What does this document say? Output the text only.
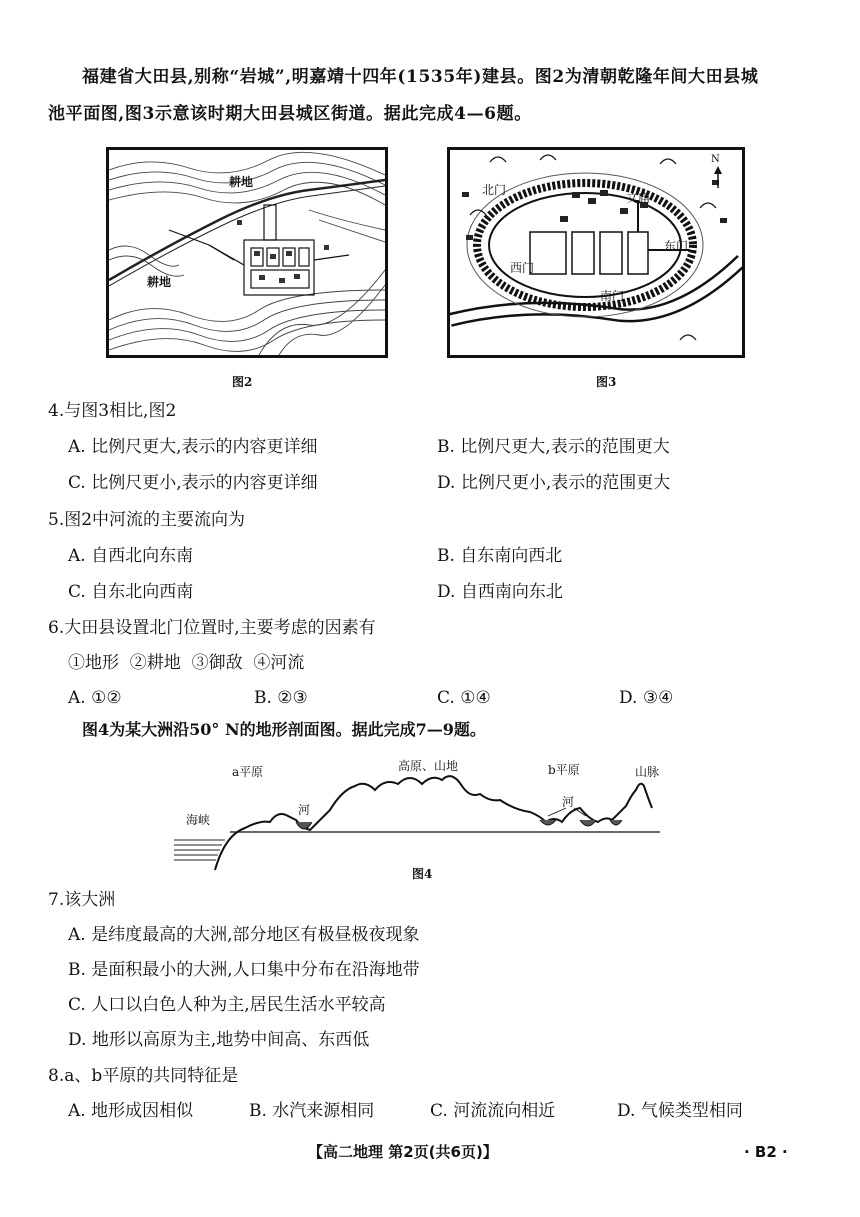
福建省大田县,别称“岩城”,明嘉靖十四年(1535年)建县。图2为清朝乾隆年间大田县城
池平面图,图3示意该时期大田县城区街道。据此完成4—6题。
耕地
耕地
图2
N
北门
文庙
东门
西门
南门
图3
4.与图3相比,图2
A. 比例尺更大,表示的内容更详细	B. 比例尺更大,表示的范围更大
C. 比例尺更小,表示的内容更详细	D. 比例尺更小,表示的范围更大
5.图2中河流的主要流向为
A. 自西北向东南	B. 自东南向西北
C. 自东北向西南	D. 自西南向东北
6.大田县设置北门位置时,主要考虑的因素有
①地形  ②耕地  ③御敌  ④河流
A. ①②	B. ②③	C. ①④	D. ③④
图4为某大洲沿50° N的地形剖面图。据此完成7—9题。
a平原	高原、山地	b平原	山脉
海峡
河
河
图4
7.该大洲
A. 是纬度最高的大洲,部分地区有极昼极夜现象
B. 是面积最小的大洲,人口集中分布在沿海地带
C. 人口以白色人种为主,居民生活水平较高
D. 地形以高原为主,地势中间高、东西低
8.a、b平原的共同特征是
A. 地形成因相似	B. 水汽来源相同	C. 河流流向相近	D. 气候类型相同
【高二地理 第2页(共6页)】	· B2 ·
